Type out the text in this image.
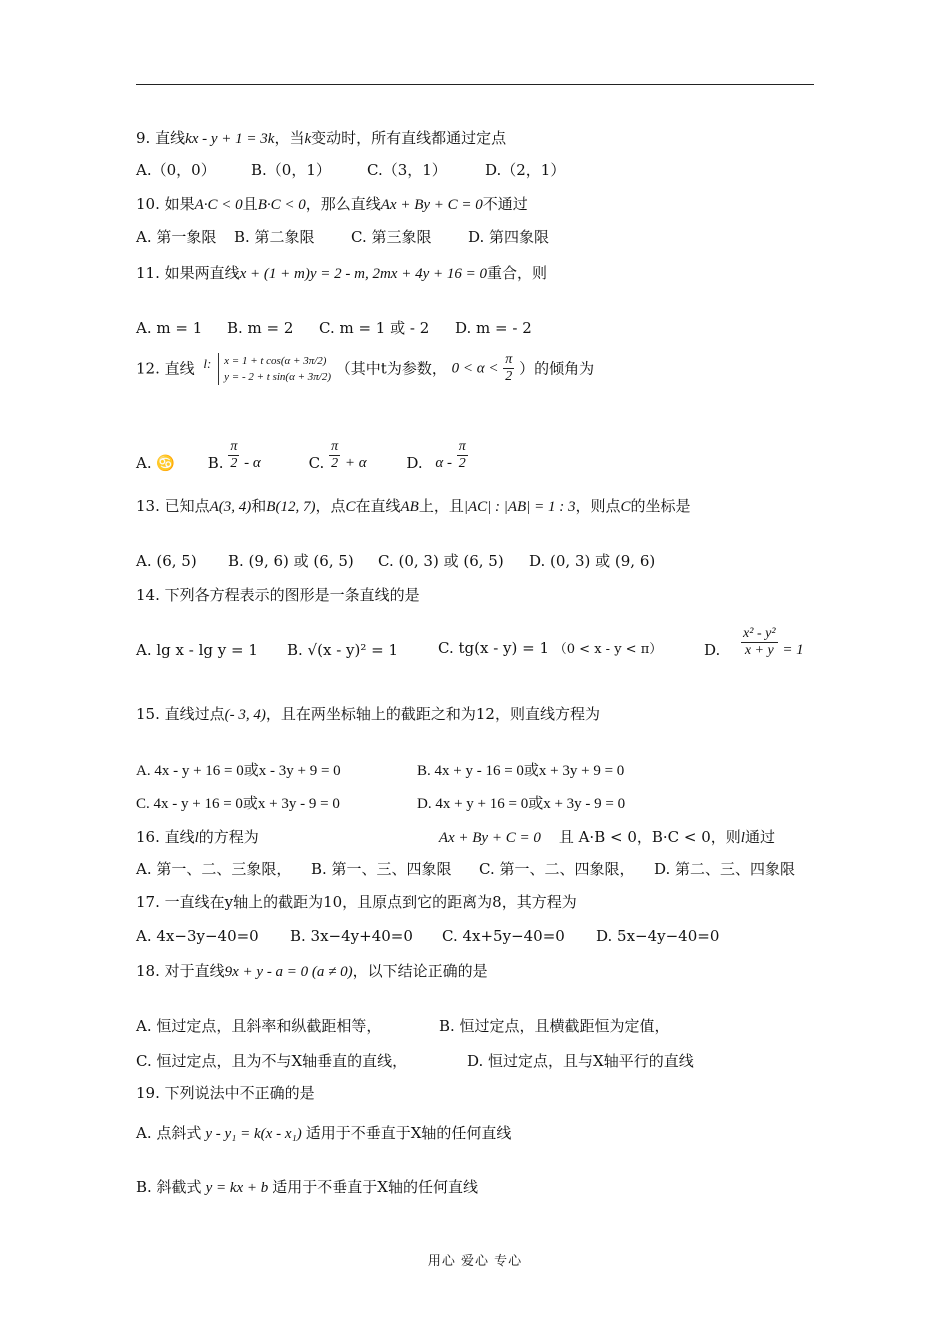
9. 直线kx - y + 1 = 3k，当k变动时，所有直线都通过定点
A.（0，0） B.（0，1） C.（3，1）	D.（2，1）
10. 如果A·C < 0且B·C < 0，那么直线Ax + By + C = 0不通过
A. 第一象限 B. 第二象限 C. 第三象限 D. 第四象限
11. 如果两直线x + (1 + m)y = 2 - m, 2mx + 4y + 16 = 0重合，则
A. m = 1 B. m = 2 C. m = 1 或 - 2 D. m = - 2
12. 直线 l: x = 1 + t cos(α + 3π/2)
y = - 2 + t sin(α + 3π/2) （其中t为参数， $0 < \alpha < \frac{\pi}{2}$ ）的倾角为
A. ♋ B. $\frac{\pi}{2}$ - α	C. $\frac{\pi}{2} + \alpha$	D. α - $\frac{\pi}{2}$
13. 已知点A(3, 4)和B(12, 7)，点C在直线AB上，且|AC| : |AB| = 1 : 3，则点C的坐标是
A. (6, 5) B. (9, 6) 或 (6, 5) C. (0, 3) 或 (6, 5) D. (0, 3) 或 (9, 6)
14. 下列各方程表示的图形是一条直线的是
A. lg x - lg y = 1 B. √(x - y)² = 1	C. tg(x - y) = 1 （0 < x - y < π）	D. $\frac{\text{x² - y²}}{x + y} = 1$
15. 直线过点(- 3, 4)，且在两坐标轴上的截距之和为12，则直线方程为
A. 4x - y + 16 = 0或x - 3y + 9 = 0	B. 4x + y - 16 = 0或x + 3y + 9 = 0
C. 4x - y + 16 = 0或x + 3y - 9 = 0	D. 4x + y + 16 = 0或x + 3y - 9 = 0
16. 直线l的方程为	Ax + By + C = 0 且 A·B < 0，B·C < 0，则l通过
A. 第一、二、三象限， B. 第一、三、四象限 C. 第一、二、四象限， D. 第二、三、四象限
17. 一直线在y轴上的截距为10，且原点到它的距离为8，其方程为
A. 4x−3y−40=0 B. 3x−4y+40=0 C. 4x+5y−40=0 D. 5x−4y−40=0
18. 对于直线9x + y - a = 0 (a ≠ 0)，以下结论正确的是
A. 恒过定点，且斜率和纵截距相等，	B. 恒过定点，且横截距恒为定值，
C. 恒过定点，且为不与X轴垂直的直线，	D. 恒过定点，且与X轴平行的直线
19. 下列说法中不正确的是
A. 点斜式 y - y₁ = k(x - x₁) 适用于不垂直于X轴的任何直线
B. 斜截式 y = kx + b 适用于不垂直于X轴的任何直线
用心 爱心 专心
